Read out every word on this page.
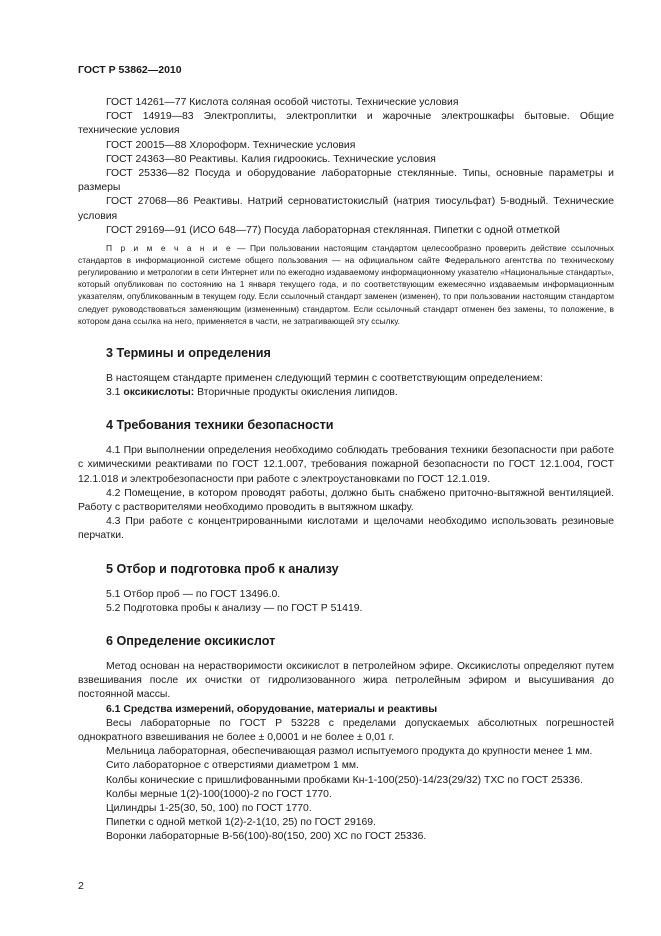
ГОСТ Р 53862—2010

ГОСТ 14261—77 Кислота соляная особой чистоты. Технические условия

ГОСТ 14919—83 Электроплиты, электроплитки и жарочные электрошкафы бытовые. Общие технические условия

ГОСТ 20015—88 Хлороформ. Технические условия

ГОСТ 24363—80 Реактивы. Калия гидроокись. Технические условия

ГОСТ 25336—82 Посуда и оборудование лабораторные стеклянные. Типы, основные параметры и размеры

ГОСТ 27068—86 Реактивы. Натрий серноватистокислый (натрия тиосульфат) 5-водный. Технические условия

ГОСТ 29169—91 (ИСО 648—77) Посуда лабораторная стеклянная. Пипетки с одной отметкой

П р и м е ч а н и е — При пользовании настоящим стандартом целесообразно проверить действие ссылочных стандартов в информационной системе общего пользования — на официальном сайте Федерального агентства по техническому регулированию и метрологии в сети Интернет или по ежегодно издаваемому информационному указателю «Национальные стандарты», который опубликован по состоянию на 1 января текущего года, и по соответствующим ежемесячно издаваемым информационным указателям, опубликованным в текущем году. Если ссылочный стандарт заменен (изменен), то при пользовании настоящим стандартом следует руководствоваться заменяющим (измененным) стандартом. Если ссылочный стандарт отменен без замены, то положение, в котором дана ссылка на него, применяется в части, не затрагивающей эту ссылку.

3 Термины и определения

В настоящем стандарте применен следующий термин с соответствующим определением:

3.1 оксикислоты: Вторичные продукты окисления липидов.

4 Требования техники безопасности

4.1 При выполнении определения необходимо соблюдать требования техники безопасности при работе с химическими реактивами по ГОСТ 12.1.007, требования пожарной безопасности по ГОСТ 12.1.004, ГОСТ 12.1.018 и электробезопасности при работе с электроустановками по ГОСТ 12.1.019.

4.2 Помещение, в котором проводят работы, должно быть снабжено приточно-вытяжной вентиляцией. Работу с растворителями необходимо проводить в вытяжном шкафу.

4.3 При работе с концентрированными кислотами и щелочами необходимо использовать резиновые перчатки.

5 Отбор и подготовка проб к анализу

5.1 Отбор проб — по ГОСТ 13496.0.

5.2 Подготовка пробы к анализу — по ГОСТ Р 51419.

6 Определение оксикислот

Метод основан на нерастворимости оксикислот в петролейном эфире. Оксикислоты определяют путем взвешивания после их очистки от гидролизованного жира петролейным эфиром и высушивания до постоянной массы.

6.1 Средства измерений, оборудование, материалы и реактивы

Весы лабораторные по ГОСТ Р 53228 с пределами допускаемых абсолютных погрешностей однократного взвешивания не более ± 0,0001 и не более ± 0,01 г.

Мельница лабораторная, обеспечивающая размол испытуемого продукта до крупности менее 1 мм.

Сито лабораторное с отверстиями диаметром 1 мм.

Колбы конические с пришлифованными пробками Кн-1-100(250)-14/23(29/32) ТХС по ГОСТ 25336.

Колбы мерные 1(2)-100(1000)-2 по ГОСТ 1770.

Цилиндры 1-25(30, 50, 100) по ГОСТ 1770.

Пипетки с одной меткой 1(2)-2-1(10, 25) по ГОСТ 29169.

Воронки лабораторные В-56(100)-80(150, 200) ХС по ГОСТ 25336.

2
